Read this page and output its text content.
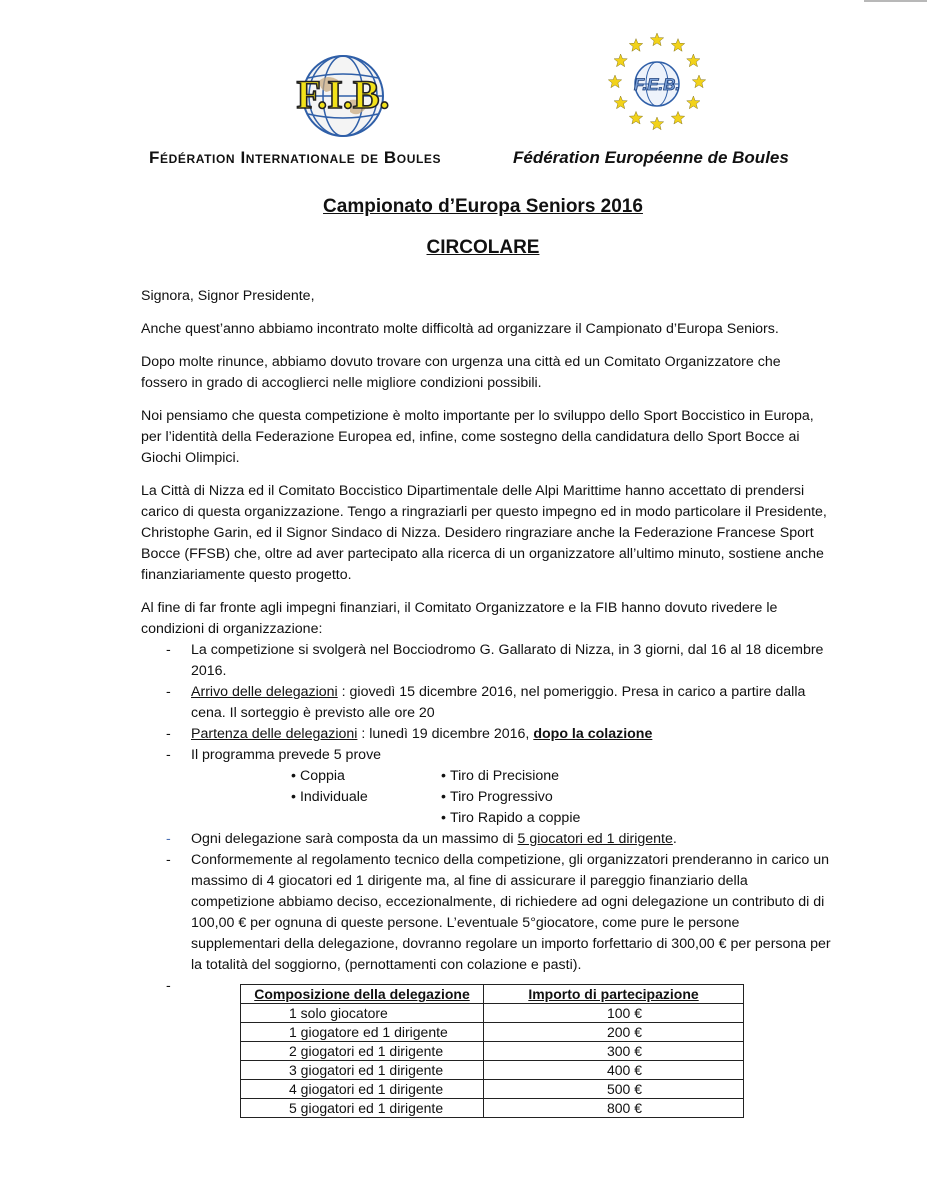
F.I.B.	F.E.B.
Fédération Internationale de Boules	Fédération Européenne de Boules
Campionato d’Europa Seniors 2016
CIRCOLARE

Signora, Signor Presidente,

Anche quest’anno abbiamo incontrato molte difficoltà ad organizzare il Campionato d’Europa Seniors.

Dopo molte rinunce, abbiamo dovuto trovare con urgenza una città ed un Comitato Organizzatore che fossero in grado di accoglierci nelle migliore condizioni possibili.

Noi pensiamo che questa competizione è molto importante per lo sviluppo dello Sport Boccistico in Europa, per l’identità della Federazione Europea ed, infine, come sostegno della candidatura dello Sport Bocce ai Giochi Olimpici.

La Città di Nizza ed il Comitato Boccistico Dipartimentale delle Alpi Marittime hanno accettato di prendersi carico di questa organizzazione. Tengo a ringraziarli per questo impegno ed in modo particolare il Presidente, Christophe Garin, ed il Signor Sindaco di Nizza. Desidero ringraziare anche la Federazione Francese Sport Bocce (FFSB) che, oltre ad aver partecipato alla ricerca di un organizzatore all’ultimo minuto, sostiene anche finanziariamente questo progetto.

Al fine di far fronte agli impegni finanziari, il Comitato Organizzatore e la FIB hanno dovuto rivedere le condizioni di organizzazione:

- La competizione si svolgerà nel Bocciodromo G. Gallarato di Nizza, in 3 giorni, dal 16 al 18 dicembre 2016.
- Arrivo delle delegazioni : giovedì 15 dicembre 2016, nel pomeriggio. Presa in carico a partire dalla cena. Il sorteggio è previsto alle ore 20
- Partenza delle delegazioni : lunedì 19 dicembre 2016, dopo la colazione
- Il programma prevede 5 prove
• Coppia	• Tiro di Precisione
• Individuale	• Tiro Progressivo
• Tiro Rapido a coppie
- Ogni delegazione sarà composta da un massimo di 5 giocatori ed 1 dirigente.
- Conformemente al regolamento tecnico della competizione, gli organizzatori prenderanno in carico un massimo di 4 giocatori ed 1 dirigente ma, al fine di assicurare il pareggio finanziario della competizione abbiamo deciso, eccezionalmente, di richiedere ad ogni delegazione un contributo di di 100,00 € per ognuna di queste persone. L’eventuale 5°giocatore, come pure le persone supplementari della delegazione, dovranno regolare un importo forfettario di 300,00 € per persona per la totalità del soggiorno, (pernottamenti con colazione e pasti).
-
	Composizione della delegazione	Importo di partecipazione
1 solo giocatore	100 €
1 giogatore ed 1 dirigente	200 €
2 giogatori ed 1 dirigente	300 €
3 giogatori ed 1 dirigente	400 €
4 giogatori ed 1 dirigente	500 €
5 giogatori ed 1 dirigente	800 €
